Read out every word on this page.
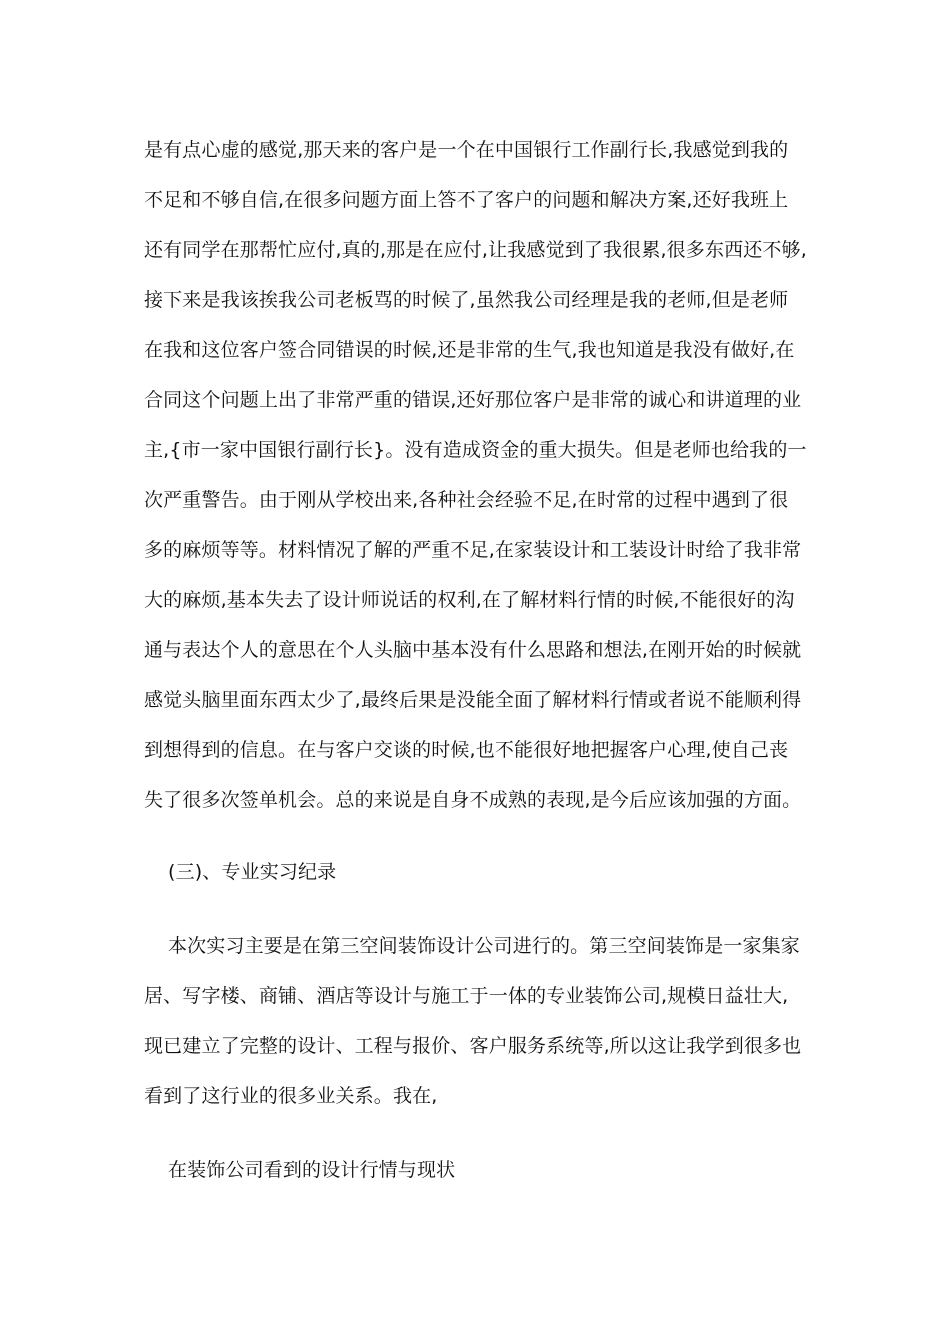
是有点心虚的感觉,那天来的客户是一个在中国银行工作副行长,我感觉到我的
不足和不够自信,在很多问题方面上答不了客户的问题和解决方案,还好我班上
还有同学在那帮忙应付,真的,那是在应付,让我感觉到了我很累,很多东西还不够,
接下来是我该挨我公司老板骂的时候了,虽然我公司经理是我的老师,但是老师
在我和这位客户签合同错误的时候,还是非常的生气,我也知道是我没有做好,在
合同这个问题上出了非常严重的错误,还好那位客户是非常的诚心和讲道理的业
主,{市一家中国银行副行长}。没有造成资金的重大损失。但是老师也给我的一
次严重警告。由于刚从学校出来,各种社会经验不足,在时常的过程中遇到了很
多的麻烦等等。材料情况了解的严重不足,在家装设计和工装设计时给了我非常
大的麻烦,基本失去了设计师说话的权利,在了解材料行情的时候,不能很好的沟
通与表达个人的意思在个人头脑中基本没有什么思路和想法,在刚开始的时候就
感觉头脑里面东西太少了,最终后果是没能全面了解材料行情或者说不能顺利得
到想得到的信息。在与客户交谈的时候,也不能很好地把握客户心理,使自己丧
失了很多次签单机会。总的来说是自身不成熟的表现,是今后应该加强的方面。
(三)、专业实习纪录
本次实习主要是在第三空间装饰设计公司进行的。第三空间装饰是一家集家
居、写字楼、商铺、酒店等设计与施工于一体的专业装饰公司,规模日益壮大,
现已建立了完整的设计、工程与报价、客户服务系统等,所以这让我学到很多也
看到了这行业的很多业关系。我在,
在装饰公司看到的设计行情与现状
